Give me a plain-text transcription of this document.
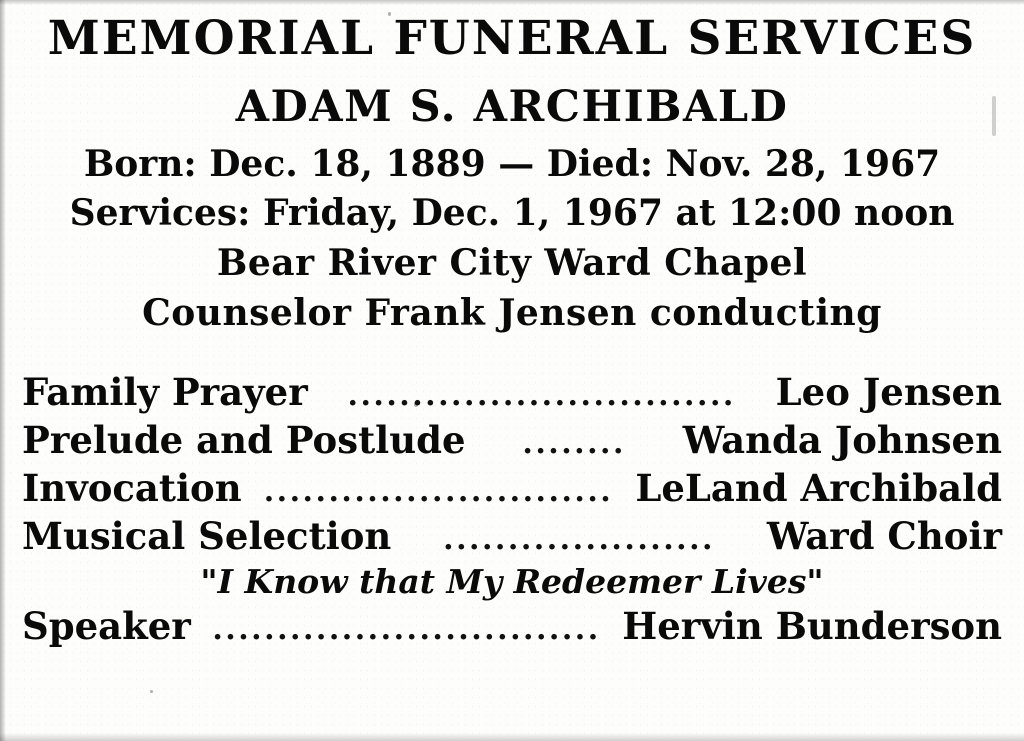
MEMORIAL FUNERAL SERVICES
ADAM S. ARCHIBALD
Born: Dec. 18, 1889 — Died: Nov. 28, 1967
Services: Friday, Dec. 1, 1967 at 12:00 noon
Bear River City Ward Chapel
Counselor Frank Jensen conducting
Family Prayer	..............................	Leo Jensen
Prelude and Postlude	........	Wanda Johnsen
Invocation ........................... LeLand Archibald
Musical Selection	.....................	Ward Choir
"I Know that My Redeemer Lives"
Speaker .............................. Hervin Bunderson
